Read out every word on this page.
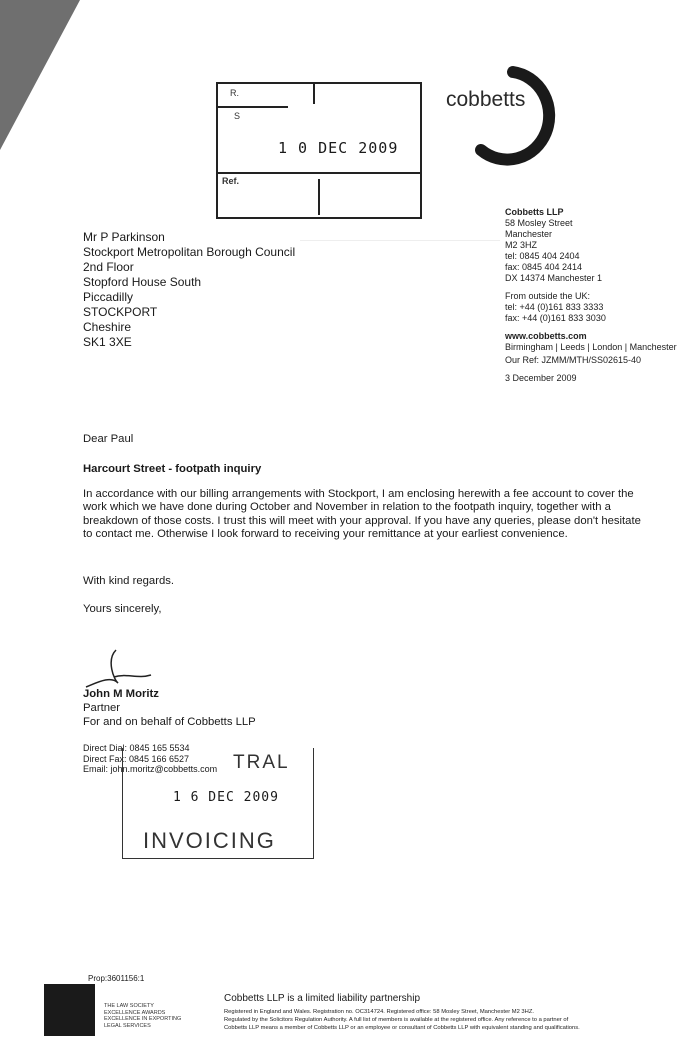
R.
S
1 0 DEC 2009
Ref.
cobbetts
Cobbetts LLP
58 Mosley Street
Manchester
M2 3HZ
tel: 0845 404 2404
fax: 0845 404 2414
DX 14374 Manchester 1
From outside the UK:
tel: +44 (0)161 833 3333
fax: +44 (0)161 833 3030
www.cobbetts.com
Birmingham | Leeds | London | Manchester
Our Ref: JZMM/MTH/SS02615-40
3 December 2009
Mr P Parkinson
Stockport Metropolitan Borough Council
2nd Floor
Stopford House South
Piccadilly
STOCKPORT
Cheshire
SK1 3XE
Dear Paul
Harcourt Street - footpath inquiry
In accordance with our billing arrangements with Stockport, I am enclosing herewith a fee account to cover the work which we have done during October and November in relation to the footpath inquiry, together with a breakdown of those costs. I trust this will meet with your approval. If you have any queries, please don't hesitate to contact me. Otherwise I look forward to receiving your remittance at your earliest convenience.
With kind regards.
Yours sincerely,
John M Moritz
Partner
For and on behalf of Cobbetts LLP
Direct Dial: 0845 165 5534
Direct Fax: 0845 166 6527
Email: john.moritz@cobbetts.com TRAL
1 6 DEC 2009
INVOICING
Prop:3601156:1
THE LAW SOCIETY
EXCELLENCE AWARDS
EXCELLENCE IN EXPORTING
LEGAL SERVICES
Cobbetts LLP is a limited liability partnership
Registered in England and Wales. Registration no. OC314724. Registered office: 58 Mosley Street, Manchester M2 3HZ.
Regulated by the Solicitors Regulation Authority. A full list of members is available at the registered office. Any reference to a partner of
Cobbetts LLP means a member of Cobbetts LLP or an employee or consultant of Cobbetts LLP with equivalent standing and qualifications.
